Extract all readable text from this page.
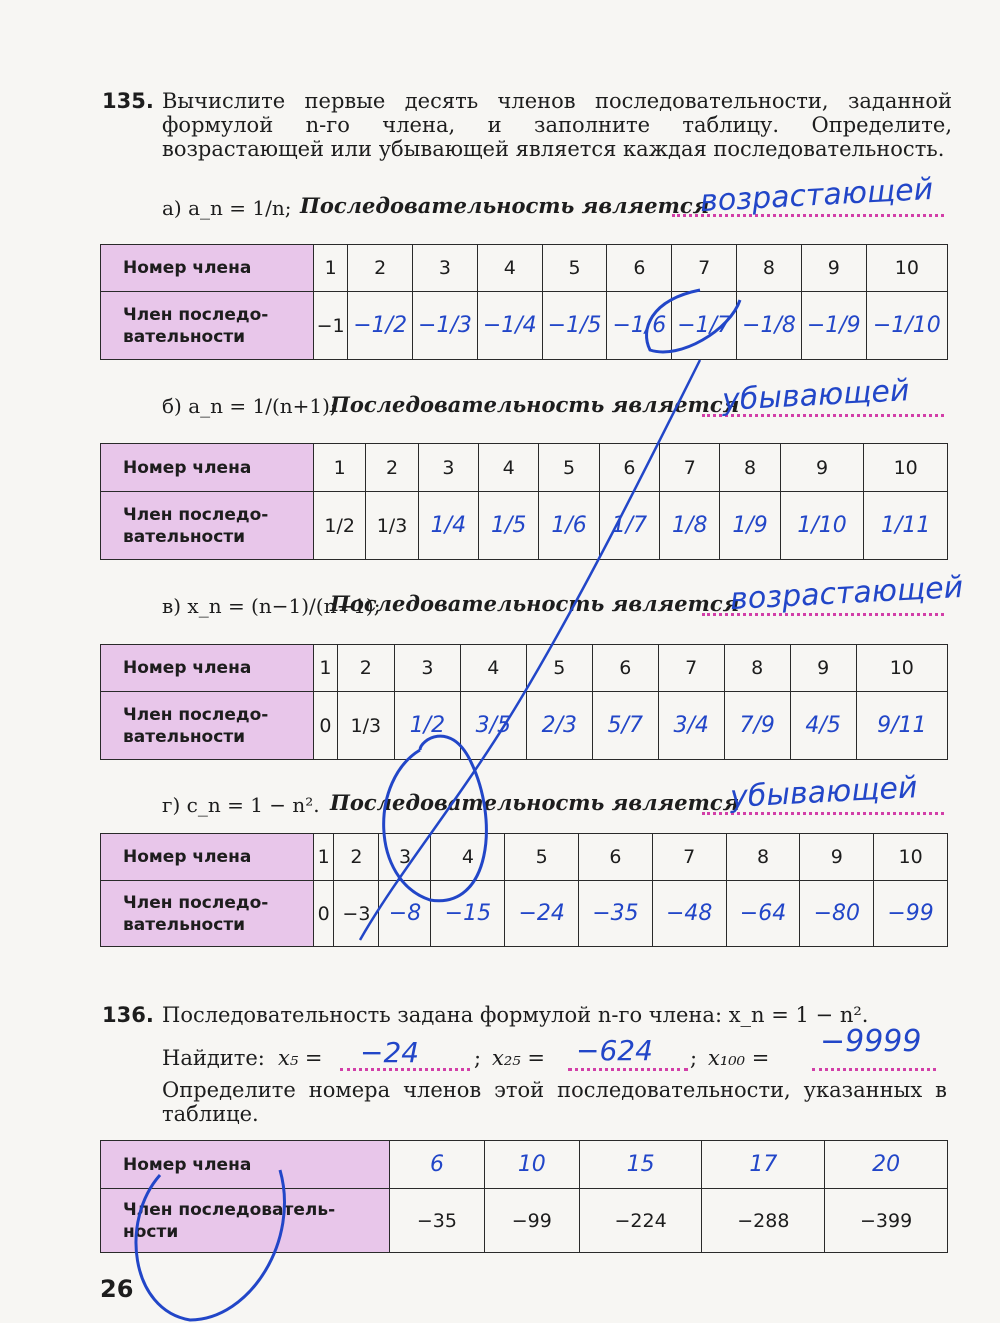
135. Вычислите первые десять членов последовательности, заданной формулой n-го члена, и заполните таблицу. Определите, возрастающей или убывающей является каждая последовательность.
а) a_n = 1/n; Последовательность является
возрастающей
Номер члена	1	2	3	4	5	6	7	8	9	10
Член последо-
вательности	−1	−1/2	−1/3	−1/4	−1/5	−1/6	−1/7	−1/8	−1/9	−1/10
б) a_n = 1/(n+1);
Последовательность является
убывающей
Номер члена	1	2	3	4	5	6	7	8	9	10
Член последо-
вательности	1/2	1/3	1/4	1/5	1/6	1/7	1/8	1/9	1/10	1/11
в) x_n = (n−1)/(n+1);
Последовательность является
возрастающей
Номер члена	1	2	3	4	5	6	7	8	9	10
Член последо-
вательности	0	1/3	1/2	3/5	2/3	5/7	3/4	7/9	4/5	9/11
г) c_n = 1 − n². Последовательность является
убывающей
Номер члена	1	2	3	4	5	6	7	8	9	10
Член последо-
вательности	0	−3	−8	−15	−24	−35	−48	−64	−80	−99
136. Последовательность задана формулой n-го члена: x_n = 1 − n².
Найдите: x₅ = −24	; x₂₅ = −624 ; x₁₀₀ = −9999
Определите номера членов этой последовательности, указанных в таблице.
Номер члена	6	10	15	17	20
Член последователь-
ности	−35	−99	−224	−288	−399
26
